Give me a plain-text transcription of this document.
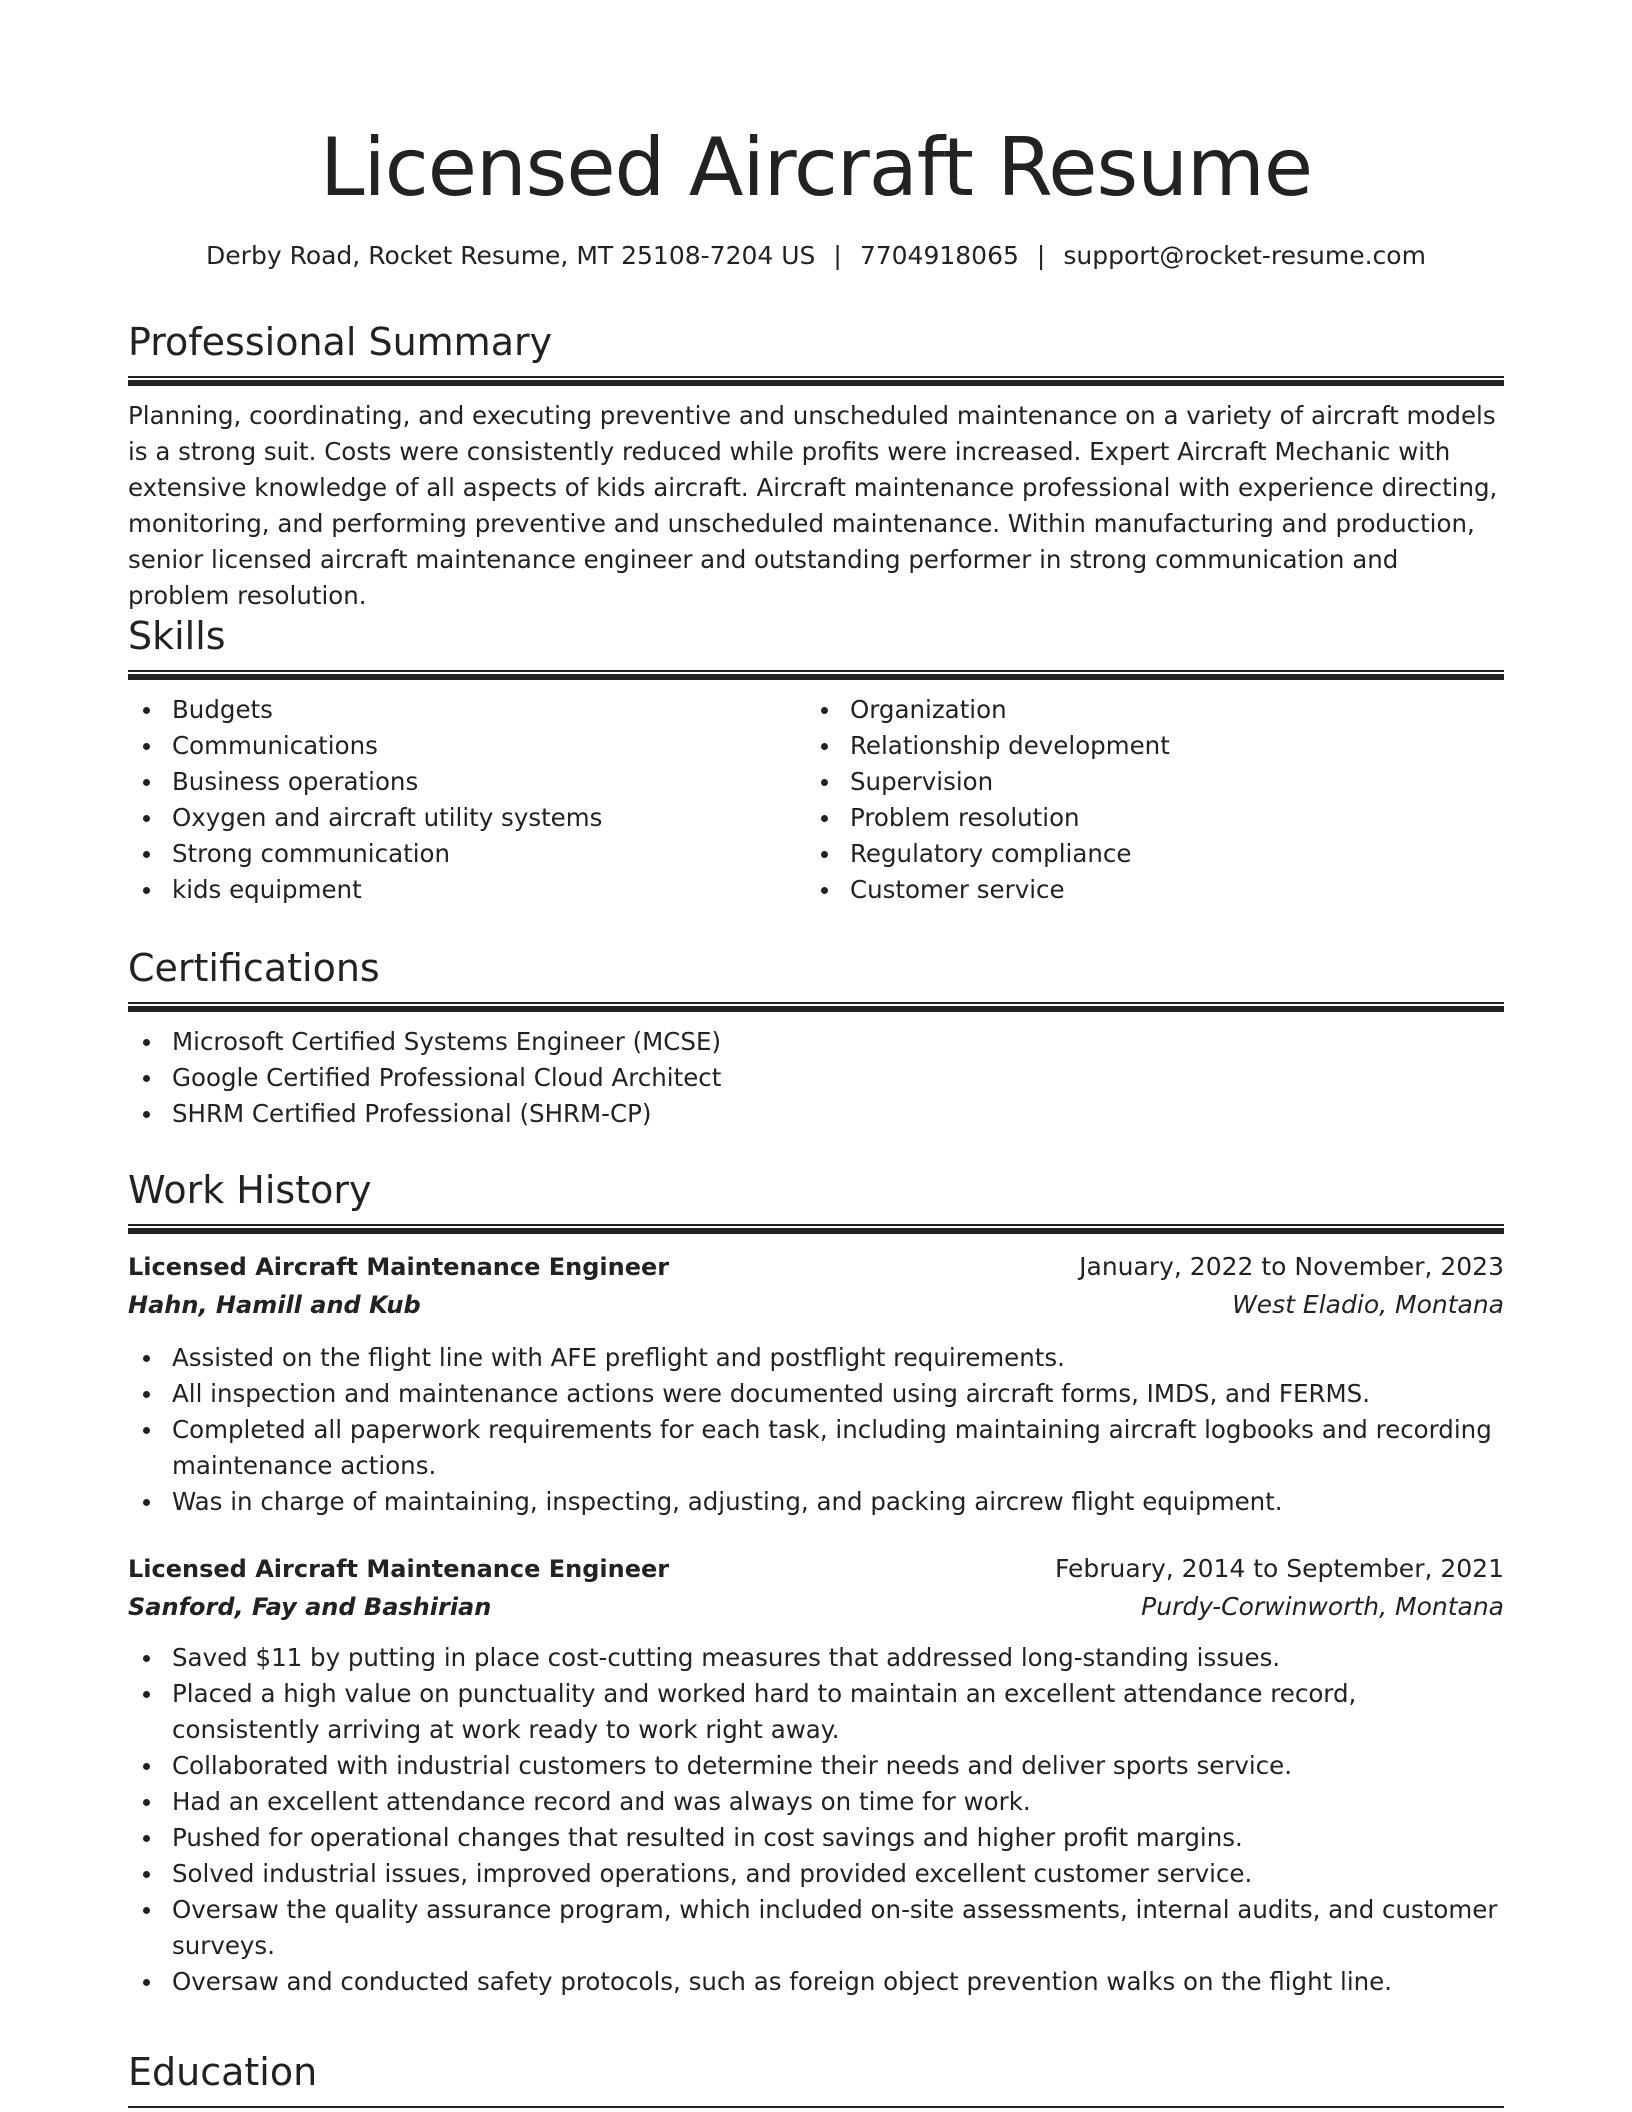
Licensed Aircraft Resume
Derby Road, Rocket Resume, MT 25108-7204 US | 7704918065 | support@rocket-resume.com
Professional Summary

Planning, coordinating, and executing preventive and unscheduled maintenance on a variety of aircraft models is a strong suit. Costs were consistently reduced while profits were increased. Expert Aircraft Mechanic with extensive knowledge of all aspects of kids aircraft. Aircraft maintenance professional with experience directing, monitoring, and performing preventive and unscheduled maintenance. Within manufacturing and production, senior licensed aircraft maintenance engineer and outstanding performer in strong communication and problem resolution.

Skills
Budgets
Communications
Business operations
Oxygen and aircraft utility systems
Strong communication
kids equipment
Organization
Relationship development
Supervision
Problem resolution
Regulatory compliance
Customer service
Certifications
Microsoft Certified Systems Engineer (MCSE)
Google Certified Professional Cloud Architect
SHRM Certified Professional (SHRM-CP)
Work History
Licensed Aircraft Maintenance Engineer	January, 2022 to November, 2023
Hahn, Hamill and Kub	West Eladio, Montana
Assisted on the flight line with AFE preflight and postflight requirements.
All inspection and maintenance actions were documented using aircraft forms, IMDS, and FERMS.
Completed all paperwork requirements for each task, including maintaining aircraft logbooks and recording maintenance actions.
Was in charge of maintaining, inspecting, adjusting, and packing aircrew flight equipment.
Licensed Aircraft Maintenance Engineer	February, 2014 to September, 2021
Sanford, Fay and Bashirian	Purdy-Corwinworth, Montana
Saved $11 by putting in place cost-cutting measures that addressed long-standing issues.
Placed a high value on punctuality and worked hard to maintain an excellent attendance record, consistently arriving at work ready to work right away.
Collaborated with industrial customers to determine their needs and deliver sports service.
Had an excellent attendance record and was always on time for work.
Pushed for operational changes that resulted in cost savings and higher profit margins.
Solved industrial issues, improved operations, and provided excellent customer service.
Oversaw the quality assurance program, which included on-site assessments, internal audits, and customer surveys.
Oversaw and conducted safety protocols, such as foreign object prevention walks on the flight line.
Education
